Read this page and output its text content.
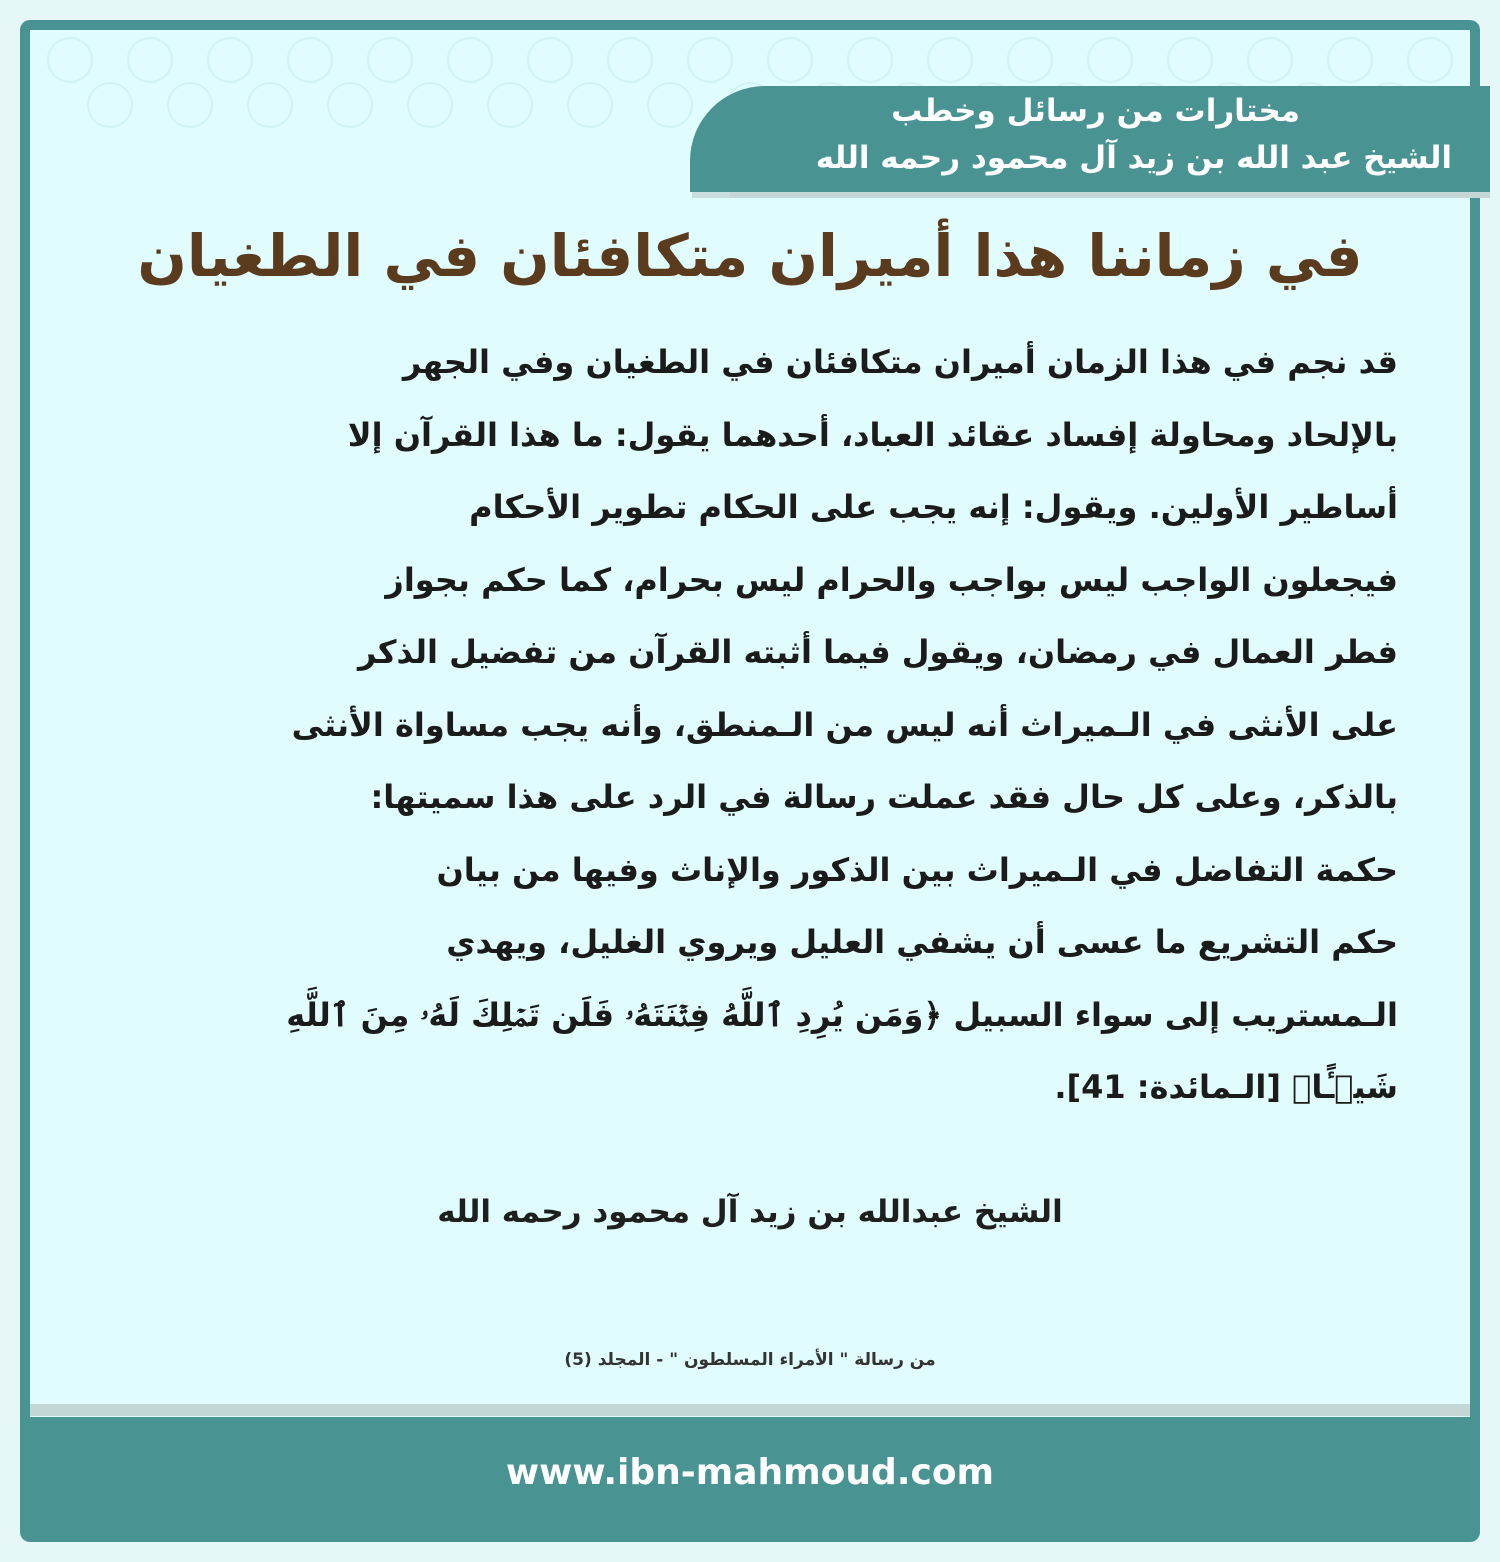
مختارات من رسائل وخطب
الشيخ عبد الله بن زيد آل محمود رحمه الله
في زماننا هذا أميران متكافئان في الطغيان
قد نجم في هذا الزمان أميران متكافئان في الطغيان وفي الجهر
بالإلحاد ومحاولة إفساد عقائد العباد، أحدهما يقول: ما هذا القرآن إلا
أساطير الأولين. ويقول: إنه يجب على الحكام تطوير الأحكام
فيجعلون الواجب ليس بواجب والحرام ليس بحرام، كما حكم بجواز
فطر العمال في رمضان، ويقول فيما أثبته القرآن من تفضيل الذكر
على الأنثى في الـميراث أنه ليس من الـمنطق، وأنه يجب مساواة الأنثى
بالذكر، وعلى كل حال فقد عملت رسالة في الرد على هذا سميتها:
حكمة التفاضل في الـميراث بين الذكور والإناث وفيها من بيان
حكم التشريع ما عسى أن يشفي العليل ويروي الغليل، ويهدي
الـمستريب إلى سواء السبيل ﴿وَمَن يُرِدِ ٱللَّهُ فِتۡنَتَهُۥ فَلَن تَمۡلِكَ لَهُۥ مِنَ ٱللَّهِ
شَيۡـًٔا﴾ [الـمائدة: 41].
الشيخ عبدالله بن زيد آل محمود رحمه الله
من رسالة " الأمراء المسلطون " - المجلد (5)
www.ibn-mahmoud.com
